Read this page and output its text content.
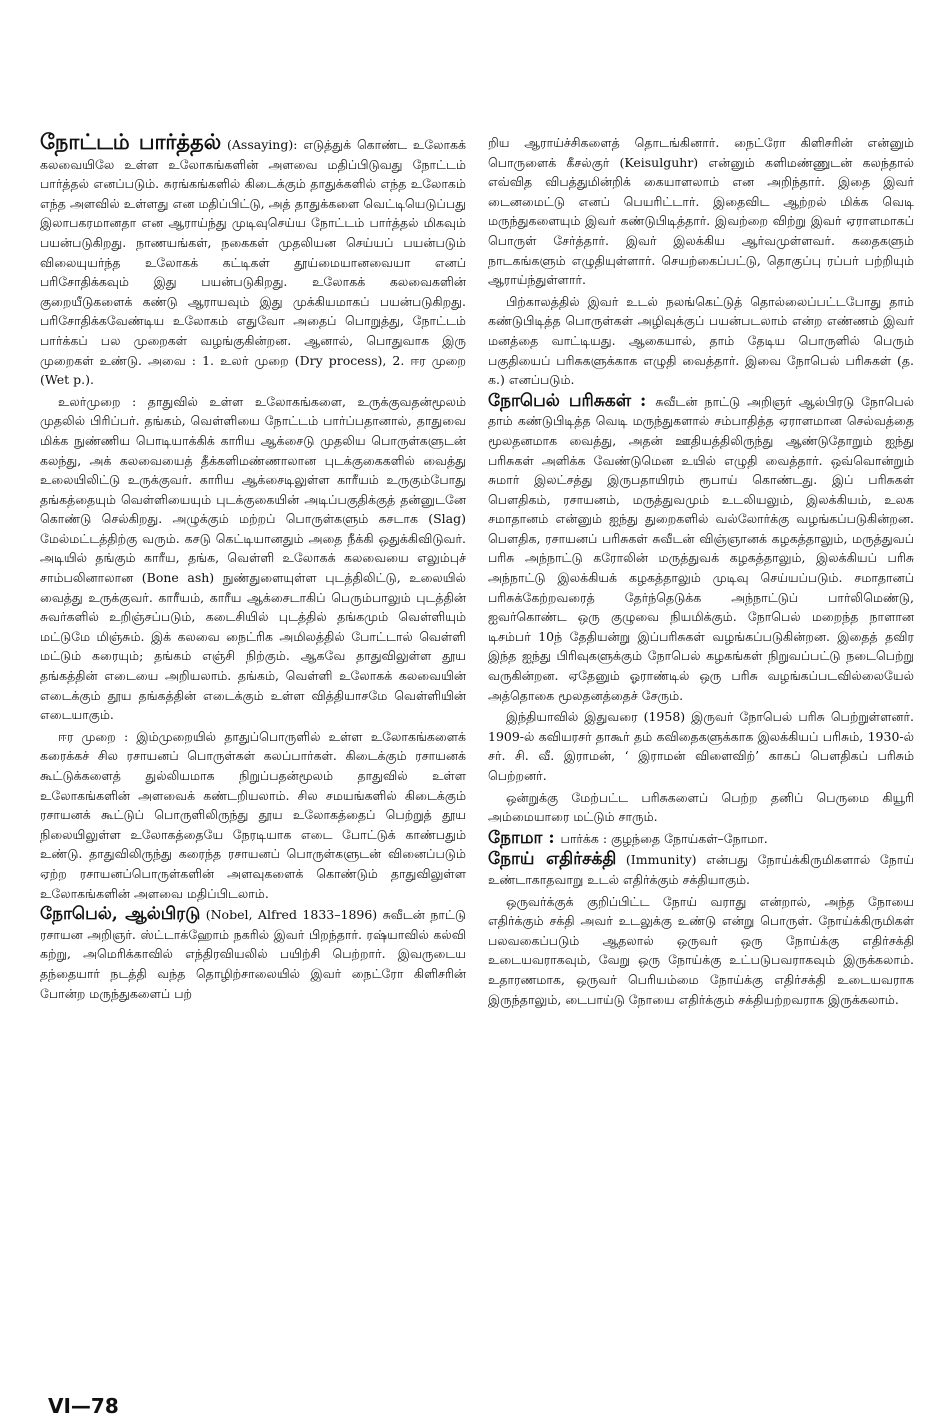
நோட்டம் பார்த்தல் (Assaying): எடுத்துக் கொண்ட உலோகக் கலவையிலே உள்ள உலோகங்களின் அளவை மதிப்பிடுவது நோட்டம் பார்த்தல் எனப்படும். சுரங்கங்களில் கிடைக்கும் தாதுக்களில் எந்த உலோகம் எந்த அளவில் உள்ளது என மதிப்பிட்டு, அத் தாதுக்களை வெட்டியெடுப்பது இலாபகரமானதா என ஆராய்ந்து முடிவுசெய்ய நோட்டம் பார்த்தல் மிகவும் பயன்படுகிறது. நாணயங்கள், நகைகள் முதலியன செய்யப் பயன்படும் விலையுயர்ந்த உலோகக் கட்டிகள் தூய்மையானவையா எனப் பரிசோதிக்கவும் இது பயன்படுகிறது. உலோகக் கலவைகளின் குறையீடுகளைக் கண்டு ஆராயவும் இது முக்கியமாகப் பயன்படுகிறது. பரிசோதிக்கவேண்டிய உலோகம் எதுவோ அதைப் பொறுத்து, நோட்டம் பார்க்கப் பல முறைகள் வழங்குகின்றன. ஆனால், பொதுவாக இரு முறைகள் உண்டு. அவை : 1. உலர் முறை (Dry process), 2. ஈர முறை (Wet p.).

உலர்முறை : தாதுவில் உள்ள உலோகங்களை, உருக்குவதன்மூலம் முதலில் பிரிப்பர். தங்கம், வெள்ளியை நோட்டம் பார்ப்பதானால், தாதுவை மிக்க நுண்ணிய பொடியாக்கிக் காரிய ஆக்சைடு முதலிய பொருள்களுடன் கலந்து, அக் கலவையைத் தீக்களிமண்ணாலான புடக்குகைகளில் வைத்து உலையிலிட்டு உருக்குவர். காரிய ஆக்சைடிலுள்ள காரீயம் உருகும்போது தங்கத்தையும் வெள்ளியையும் புடக்குகையின் அடிப்பகுதிக்குத் தன்னுடனே கொண்டு செல்கிறது. அழுக்கும் மற்றப் பொருள்களும் கசடாக (Slag) மேல்மட்டத்திற்கு வரும். கசடு கெட்டியானதும் அதை நீக்கி ஒதுக்கிவிடுவர். அடியில் தங்கும் காரீய, தங்க, வெள்ளி உலோகக் கலவையை எலும்புச் சாம்பலினாலான (Bone ash) நுண்துளையுள்ள புடத்திலிட்டு, உலையில் வைத்து உருக்குவர். காரீயம், காரீய ஆக்சைடாகிப் பெரும்பாலும் புடத்தின் சுவர்களில் உறிஞ்சப்படும், கடைசியில் புடத்தில் தங்கமும் வெள்ளியும் மட்டுமே மிஞ்சும். இக் கலவை நைட்ரிக அமிலத்தில் போட்டால் வெள்ளி மட்டும் கரையும்; தங்கம் எஞ்சி நிற்கும். ஆகவே தாதுவிலுள்ள தூய தங்கத்தின் எடையை அறியலாம். தங்கம், வெள்ளி உலோகக் கலவையின் எடைக்கும் தூய தங்கத்தின் எடைக்கும் உள்ள வித்தியாசமே வெள்ளியின் எடையாகும்.

ஈர முறை : இம்முறையில் தாதுப்பொருளில் உள்ள உலோகங்களைக் கரைக்கச் சில ரசாயனப் பொருள்கள் கலப்பார்கள். கிடைக்கும் ரசாயனக் கூட்டுக்களைத் துல்லியமாக நிறுப்பதன்மூலம் தாதுவில் உள்ள உலோகங்களின் அளவைக் கண்டறியலாம். சில சமயங்களில் கிடைக்கும் ரசாயனக் கூட்டுப் பொருளிலிருந்து தூய உலோகத்தைப் பெற்றுத் தூய நிலையிலுள்ள உலோகத்தையே நேரடியாக எடை போட்டுக் காண்பதும் உண்டு. தாதுவிலிருந்து கரைந்த ரசாயனப் பொருள்களுடன் வினைப்படும் ஏற்ற ரசாயனப்பொருள்களின் அளவுகளைக் கொண்டும் தாதுவிலுள்ள உலோகங்களின் அளவை மதிப்பிடலாம்.

நோபெல், ஆல்பிரடு (Nobel, Alfred 1833–1896) சுவீடன் நாட்டு ரசாயன அறிஞர். ஸ்ட்டாக்ஹோம் நகரில் இவர் பிறந்தார். ரஷ்யாவில் கல்வி கற்று, அமெரிக்காவில் எந்திரவியலில் பயிற்சி பெற்றார். இவருடைய தந்தையார் நடத்தி வந்த தொழிற்சாலையில் இவர் நைட்ரோ கிளிசரின் போன்ற மருந்துகளைப் பற்

றிய ஆராய்ச்சிகளைத் தொடங்கினார். நைட்ரோ கிளிசரின் என்னும் பொருளைக் கீசல்குர் (Keisulguhr) என்னும் களிமண்ணுடன் கலந்தால் எவ்வித விபத்துமின்றிக் கையாளலாம் என அறிந்தார். இதை இவர் டைனமைட்டு எனப் பெயரிட்டார். இதைவிட ஆற்றல் மிக்க வெடி மருந்துகளையும் இவர் கண்டுபிடித்தார். இவற்றை விற்று இவர் ஏராளமாகப் பொருள் சேர்த்தார். இவர் இலக்கிய ஆர்வமுள்ளவர். கதைகளும் நாடகங்களும் எழுதியுள்ளார். செயற்கைப்பட்டு, தொகுப்பு ரப்பர் பற்றியும் ஆராய்ந்துள்ளார்.

பிற்காலத்தில் இவர் உடல் நலங்கெட்டுத் தொல்லைப்பட்டபோது தாம் கண்டுபிடித்த பொருள்கள் அழிவுக்குப் பயன்படலாம் என்ற எண்ணம் இவர் மனத்தை வாட்டியது. ஆகையால், தாம் தேடிய பொருளில் பெரும் பகுதியைப் பரிசுகளுக்காக எழுதி வைத்தார். இவை நோபெல் பரிசுகள் (த. க.) எனப்படும்.

நோபெல் பரிசுகள் : சுவீடன் நாட்டு அறிஞர் ஆல்பிரடு நோபெல் தாம் கண்டுபிடித்த வெடி மருந்துகளால் சம்பாதித்த ஏராளமான செல்வத்தை மூலதனமாக வைத்து, அதன் ஊதியத்திலிருந்து ஆண்டுதோறும் ஐந்து பரிசுகள் அளிக்க வேண்டுமென உயில் எழுதி வைத்தார். ஒவ்வொன்றும் சுமார் இலட்சத்து இருபதாயிரம் ரூபாய் கொண்டது. இப் பரிசுகள் பௌதிகம், ரசாயனம், மருத்துவமும் உடலியலும், இலக்கியம், உலக சமாதானம் என்னும் ஐந்து துறைகளில் வல்லோர்க்கு வழங்கப்படுகின்றன. பௌதிக, ரசாயனப் பரிசுகள் சுவீடன் விஞ்ஞானக் கழகத்தாலும், மருத்துவப் பரிசு அந்நாட்டு கரோலின் மருத்துவக் கழகத்தாலும், இலக்கியப் பரிசு அந்நாட்டு இலக்கியக் கழகத்தாலும் முடிவு செய்யப்படும். சமாதானப் பரிசுக்கேற்றவரைத் தேர்ந்தெடுக்க அந்நாட்டுப் பார்லிமெண்டு, ஐவர்கொண்ட ஒரு குழுவை நியமிக்கும். நோபெல் மறைந்த நாளான டிசம்பர் 10ந் தேதியன்று இப்பரிசுகள் வழங்கப்படுகின்றன. இதைத் தவிர இந்த ஐந்து பிரிவுகளுக்கும் நோபெல் கழகங்கள் நிறுவப்பட்டு நடைபெற்று வருகின்றன. ஏதேனும் ஓராண்டில் ஒரு பரிசு வழங்கப்படவில்லையேல் அத்தொகை மூலதனத்தைச் சேரும்.

இந்தியாவில் இதுவரை (1958) இருவர் நோபெல் பரிசு பெற்றுள்ளனர். 1909-ல் கவியரசர் தாகூர் தம் கவிதைகளுக்காக இலக்கியப் பரிசும், 1930-ல் சர். சி. வீ. இராமன், ‘ இராமன் விளைவிற்’ காகப் பௌதிகப் பரிசும் பெற்றனர்.

ஒன்றுக்கு மேற்பட்ட பரிசுகளைப் பெற்ற தனிப் பெருமை கியூரி அம்மையாரை மட்டும் சாரும்.

நோமா : பார்க்க : குழந்தை நோய்கள்–நோமா.

நோய் எதிர்சக்தி (Immunity) என்பது நோய்க்கிருமிகளால் நோய் உண்டாகாதவாறு உடல் எதிர்க்கும் சக்தியாகும்.

ஒருவர்க்குக் குறிப்பிட்ட நோய் வராது என்றால், அந்த நோயை எதிர்க்கும் சக்தி அவர் உடலுக்கு உண்டு என்று பொருள். நோய்க்கிருமிகள் பலவகைப்படும் ஆதலால் ஒருவர் ஒரு நோய்க்கு எதிர்சக்தி உடையவராகவும், வேறு ஒரு நோய்க்கு உட்படுபவராகவும் இருக்கலாம். உதாரணமாக, ஒருவர் பெரியம்மை நோய்க்கு எதிர்சக்தி உடையவராக இருந்தாலும், டைபாய்டு நோயை எதிர்க்கும் சக்தியற்றவராக இருக்கலாம்.

VI—78
